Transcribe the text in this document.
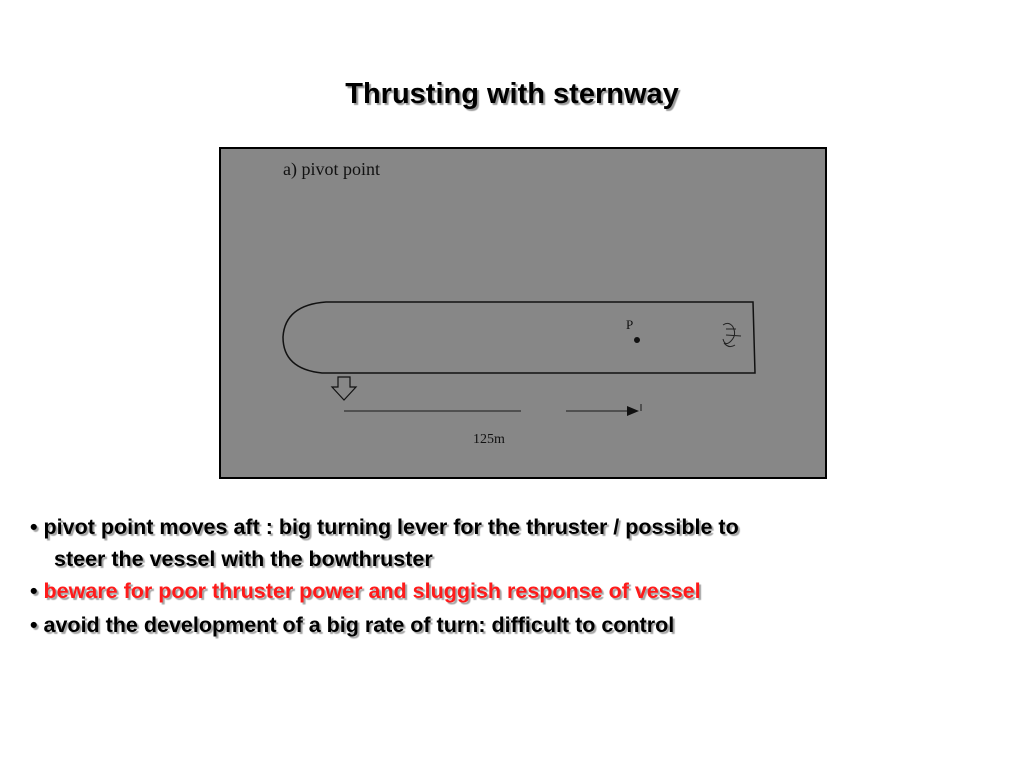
Thrusting with sternway
a) pivot point
P
125m
• pivot point moves aft : big turning lever for the thruster / possible to
steer the vessel with the bowthruster
• beware for poor thruster power and sluggish response of vessel
• avoid the development of a big rate of turn: difficult to control
